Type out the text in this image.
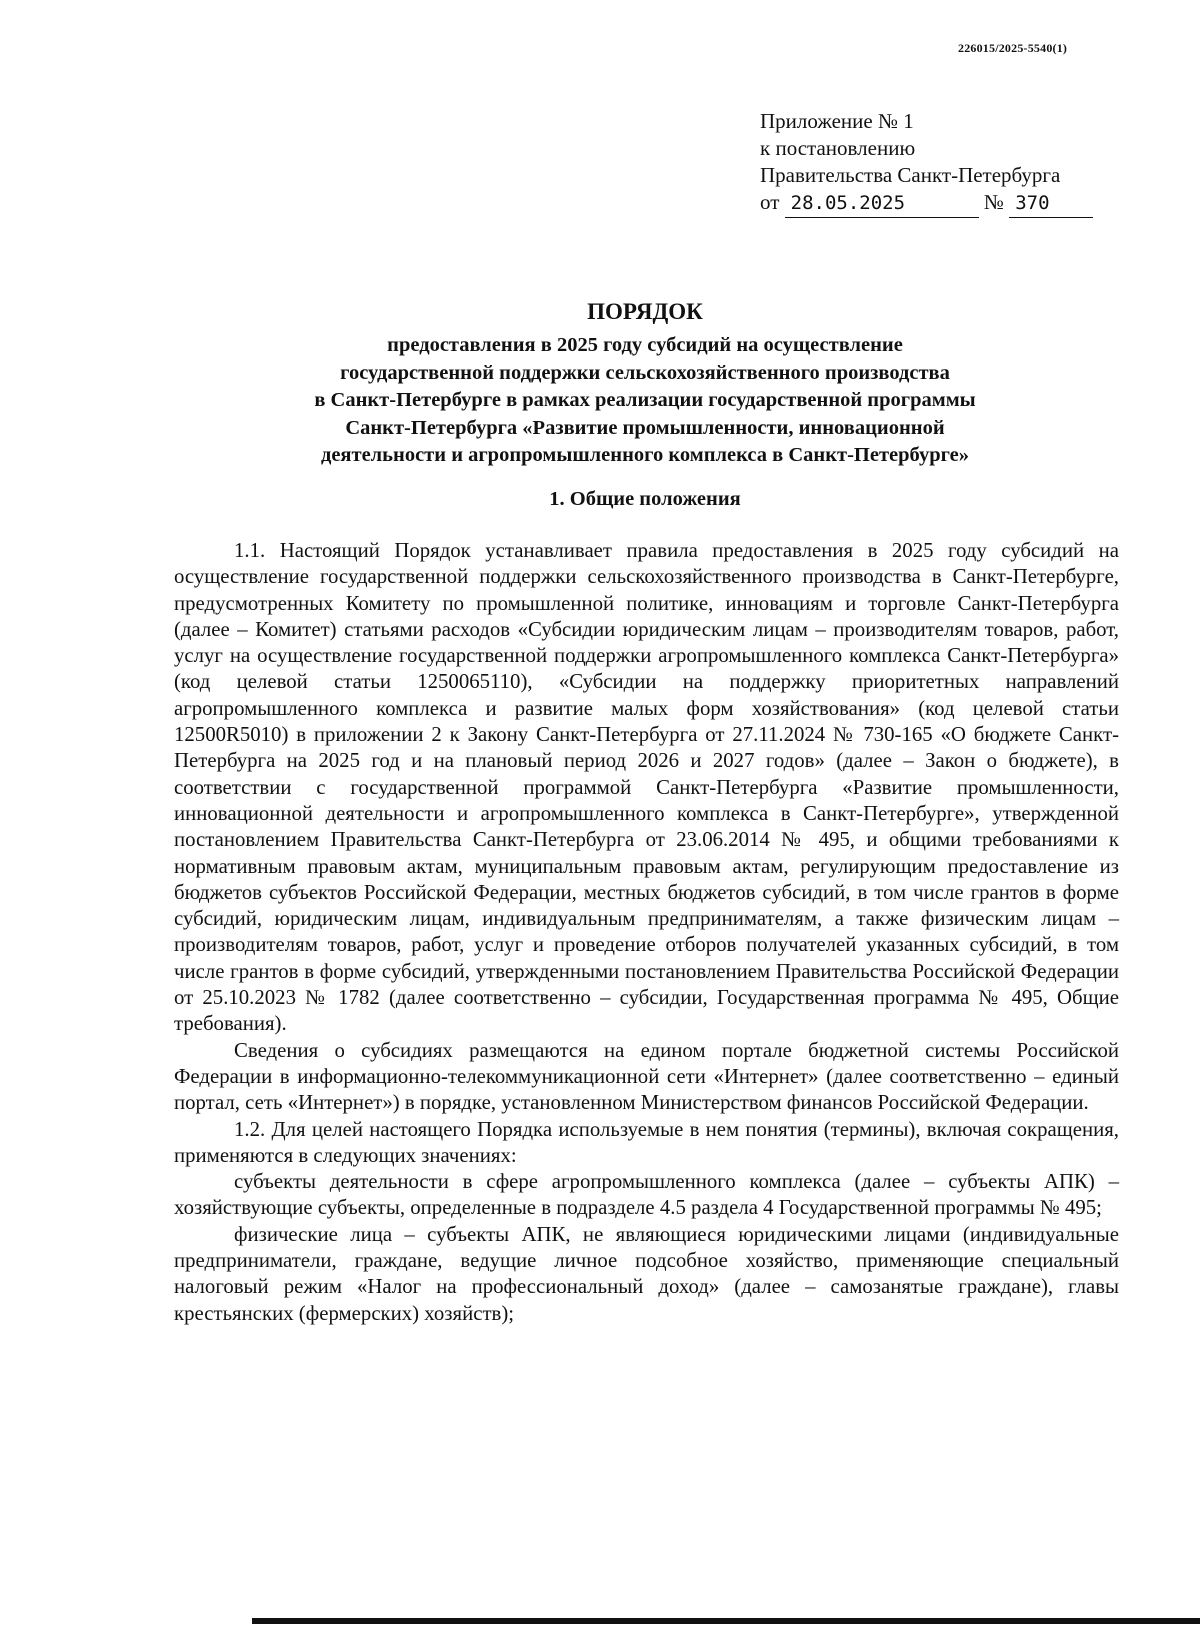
226015/2025-5540(1)
Приложение № 1
к постановлению
Правительства Санкт-Петербурга
от 28.05.2025	№ 370
ПОРЯДОК
предоставления в 2025 году субсидий на осуществление
государственной поддержки сельскохозяйственного производства
в Санкт-Петербурге в рамках реализации государственной программы
Санкт-Петербурга «Развитие промышленности, инновационной
деятельности и агропромышленного комплекса в Санкт-Петербурге»
1. Общие положения

1.1. Настоящий Порядок устанавливает правила предоставления в 2025 году субсидий на осуществление государственной поддержки сельскохозяйственного производства в Санкт-Петербурге, предусмотренных Комитету по промышленной политике, инновациям и торговле Санкт-Петербурга (далее – Комитет) статьями расходов «Субсидии юридическим лицам – производителям товаров, работ, услуг на осуществление государственной поддержки агропромышленного комплекса Санкт-Петербурга» (код целевой статьи 1250065110), «Субсидии на поддержку приоритетных направлений агропромышленного комплекса и развитие малых форм хозяйствования» (код целевой статьи 12500R5010) в приложении 2 к Закону Санкт-Петербурга от 27.11.2024 № 730-165 «О бюджете Санкт-Петербурга на 2025 год и на плановый период 2026 и 2027 годов» (далее – Закон о бюджете), в соответствии с государственной программой Санкт-Петербурга «Развитие промышленности, инновационной деятельности и агропромышленного комплекса в Санкт-Петербурге», утвержденной постановлением Правительства Санкт-Петербурга от 23.06.2014 № 495, и общими требованиями к нормативным правовым актам, муниципальным правовым актам, регулирующим предоставление из бюджетов субъектов Российской Федерации, местных бюджетов субсидий, в том числе грантов в форме субсидий, юридическим лицам, индивидуальным предпринимателям, а также физическим лицам – производителям товаров, работ, услуг и проведение отборов получателей указанных субсидий, в том числе грантов в форме субсидий, утвержденными постановлением Правительства Российской Федерации от 25.10.2023 № 1782 (далее соответственно – субсидии, Государственная программа № 495, Общие требования).

Сведения о субсидиях размещаются на едином портале бюджетной системы Российской Федерации в информационно-телекоммуникационной сети «Интернет» (далее соответственно – единый портал, сеть «Интернет») в порядке, установленном Министерством финансов Российской Федерации.

1.2. Для целей настоящего Порядка используемые в нем понятия (термины), включая сокращения, применяются в следующих значениях:

субъекты деятельности в сфере агропромышленного комплекса (далее – субъекты АПК) – хозяйствующие субъекты, определенные в подразделе 4.5 раздела 4 Государственной программы № 495;

физические лица – субъекты АПК, не являющиеся юридическими лицами (индивидуальные предприниматели, граждане, ведущие личное подсобное хозяйство, применяющие специальный налоговый режим «Налог на профессиональный доход» (далее – самозанятые граждане), главы крестьянских (фермерских) хозяйств);
